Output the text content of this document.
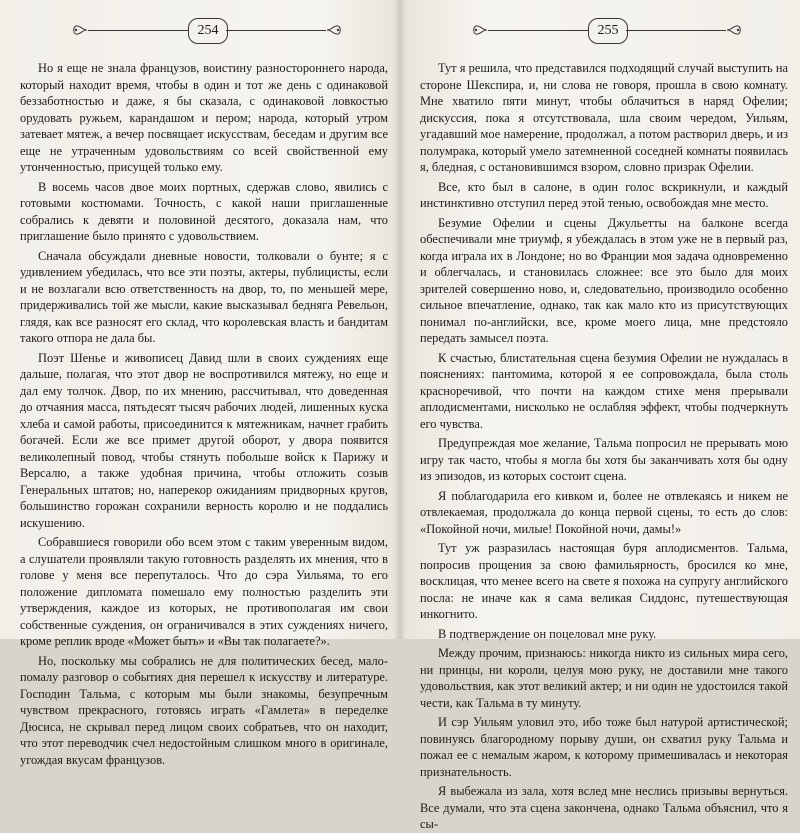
254

Но я еще не знала французов, воистину разностороннего народа, который находит время, чтобы в один и тот же день с одинаковой беззаботностью и даже, я бы сказала, с одинаковой ловкостью орудовать ружьем, карандашом и пером; народа, который утром затевает мятеж, а вечер посвящает искусствам, беседам и другим все еще не утраченным удовольствиям со всей свойственной ему утонченностью, присущей только ему.

В восемь часов двое моих портных, сдержав слово, явились с готовыми костюмами. Точность, с какой наши приглашенные собрались к девяти и половиной десятого, доказала нам, что приглашение было принято с удовольствием.

Сначала обсуждали дневные новости, толковали о бунте; я с удивлением убедилась, что все эти поэты, актеры, публицисты, если и не возлагали всю ответственность на двор, то, по меньшей мере, придерживались той же мысли, какие высказывал бедняга Ревельон, глядя, как все разносят его склад, что королевская власть и бандитам такого отпора не дала бы.

Поэт Шенье и живописец Давид шли в своих суждениях еще дальше, полагая, что этот двор не воспротивился мятежу, но еще и дал ему толчок. Двор, по их мнению, рассчитывал, что доведенная до отчаяния масса, пятьдесят тысяч рабочих людей, лишенных куска хлеба и самой работы, присоединится к мятежникам, начнет грабить богачей. Если же все примет другой оборот, у двора появится великолепный повод, чтобы стянуть побольше войск к Парижу и Версалю, а также удобная причина, чтобы отложить созыв Генеральных штатов; но, наперекор ожиданиям придворных кругов, большинство горожан сохранили верность королю и не поддались искушению.

Собравшиеся говорили обо всем этом с таким уверенным видом, а слушатели проявляли такую готовность разделять их мнения, что в голове у меня все перепуталось. Что до сэра Уильяма, то его положение дипломата помешало ему полностью разделить эти утверждения, каждое из которых, не противополагая им свои собственные суждения, он ограничивался в этих суждениях ничего, кроме реплик вроде «Может быть» и «Вы так полагаете?».

Но, поскольку мы собрались не для политических бесед, мало-помалу разговор о событиях дня перешел к искусству и литературе. Господин Тальма, с которым мы были знакомы, безупречным чувством прекрасного, готовясь играть «Гамлета» в переделке Дюсиса, не скрывал перед лицом своих собратьев, что он находит, что этот переводчик счел недостойным слишком много в оригинале, угождая вкусам французов.

255

Тут я решила, что представился подходящий случай выступить на стороне Шекспира, и, ни слова не говоря, прошла в свою комнату. Мне хватило пяти минут, чтобы облачиться в наряд Офелии; дискуссия, пока я отсутствовала, шла своим чередом, Уильям, угадавший мое намерение, продолжал, а потом растворил дверь, и из полумрака, который умело затемненной соседней комнаты появилась я, бледная, с остановившимся взором, словно призрак Офелии.

Все, кто был в салоне, в один голос вскрикнули, и каждый инстинктивно отступил перед этой тенью, освобождая мне место.

Безумие Офелии и сцены Джульетты на балконе всегда обеспечивали мне триумф, я убеждалась в этом уже не в первый раз, когда играла их в Лондоне; но во Франции моя задача одновременно и облегчалась, и становилась сложнее: все это было для моих зрителей совершенно ново, и, следовательно, производило особенно сильное впечатление, однако, так как мало кто из присутствующих понимал по-английски, все, кроме моего лица, мне предстояло передать замысел поэта.

К счастью, блистательная сцена безумия Офелии не нуждалась в пояснениях: пантомима, которой я ее сопровождала, была столь красноречивой, что почти на каждом стихе меня прерывали аплодисментами, нисколько не ослабляя эффект, чтобы подчеркнуть его чувства.

Предупреждая мое желание, Тальма попросил не прерывать мою игру так часто, чтобы я могла бы хотя бы заканчивать хотя бы одну из эпизодов, из которых состоит сцена.

Я поблагодарила его кивком и, более не отвлекаясь и никем не отвлекаемая, продолжала до конца первой сцены, то есть до слов: «Покойной ночи, милые! Покойной ночи, дамы!»

Тут уж разразилась настоящая буря аплодисментов. Тальма, попросив прощения за свою фамильярность, бросился ко мне, восклицая, что менее всего на свете я похожа на супругу английского посла: не иначе как я сама великая Сиддонс, путешествующая инкогнито.

В подтверждение он поцеловал мне руку.

Между прочим, признаюсь: никогда никто из сильных мира сего, ни принцы, ни короли, целуя мою руку, не доставили мне такого удовольствия, как этот великий актер; и ни один не удостоился такой чести, как Тальма в ту минуту.

И сэр Уильям уловил это, ибо тоже был натурой артистической; повинуясь благородному порыву души, он схватил руку Тальма и пожал ее с немалым жаром, к которому примешивалась и некоторая признательность.

Я выбежала из зала, хотя вслед мне неслись призывы вернуться. Все думали, что эта сцена закончена, однако Тальма объяснил, что я сы-
